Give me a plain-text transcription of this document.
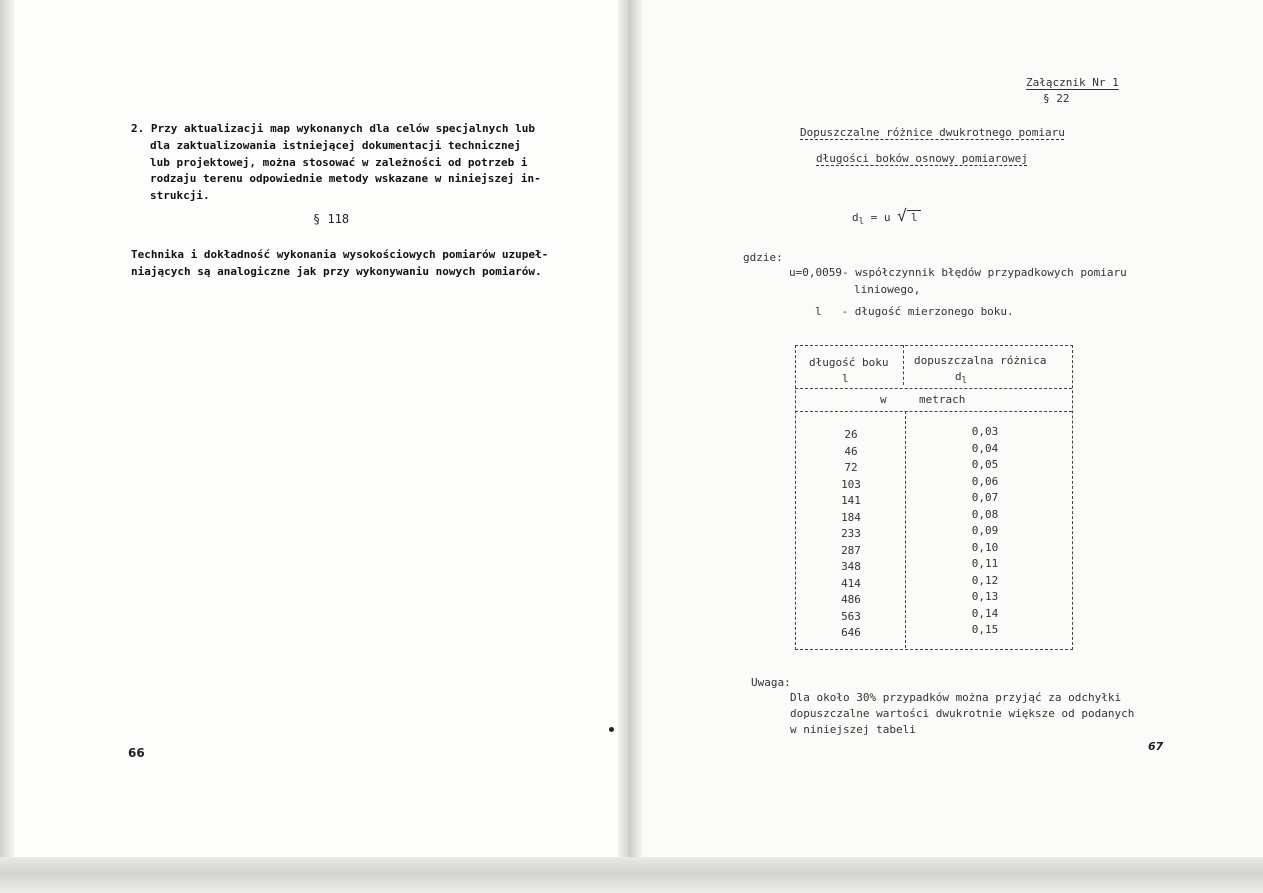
2. Przy aktualizacji map wykonanych dla celów specjalnych lub
dla zaktualizowania istniejącej dokumentacji technicznej
lub projektowej, można stosować w zależności od potrzeb i
rodzaju terenu odpowiednie metody wskazane w niniejszej in-
strukcji.
§ 118
Technika i dokładność wykonania wysokościowych pomiarów uzupeł-
niających są analogiczne jak przy wykonywaniu nowych pomiarów.
66
Załącznik Nr 1
§ 22
Dopuszczalne różnice dwukrotnego pomiaru
długości boków osnowy pomiarowej
$d_l = u$ √ l
gdzie:
u=0,0059- współczynnik błędów przypadkowych pomiaru
liniowego,
l   - długość mierzonego boku.
długość boku
l
dopuszczalna różnica
$d_l$
w	metrach
26
46
72
103
141
184
233
287
348
414
486
563
646
0,03
0,04
0,05
0,06
0,07
0,08
0,09
0,10
0,11
0,12
0,13
0,14
0,15
Uwaga:
Dla około 30% przypadków można przyjąć za odchyłki
dopuszczalne wartości dwukrotnie większe od podanych
w niniejszej tabeli
67
